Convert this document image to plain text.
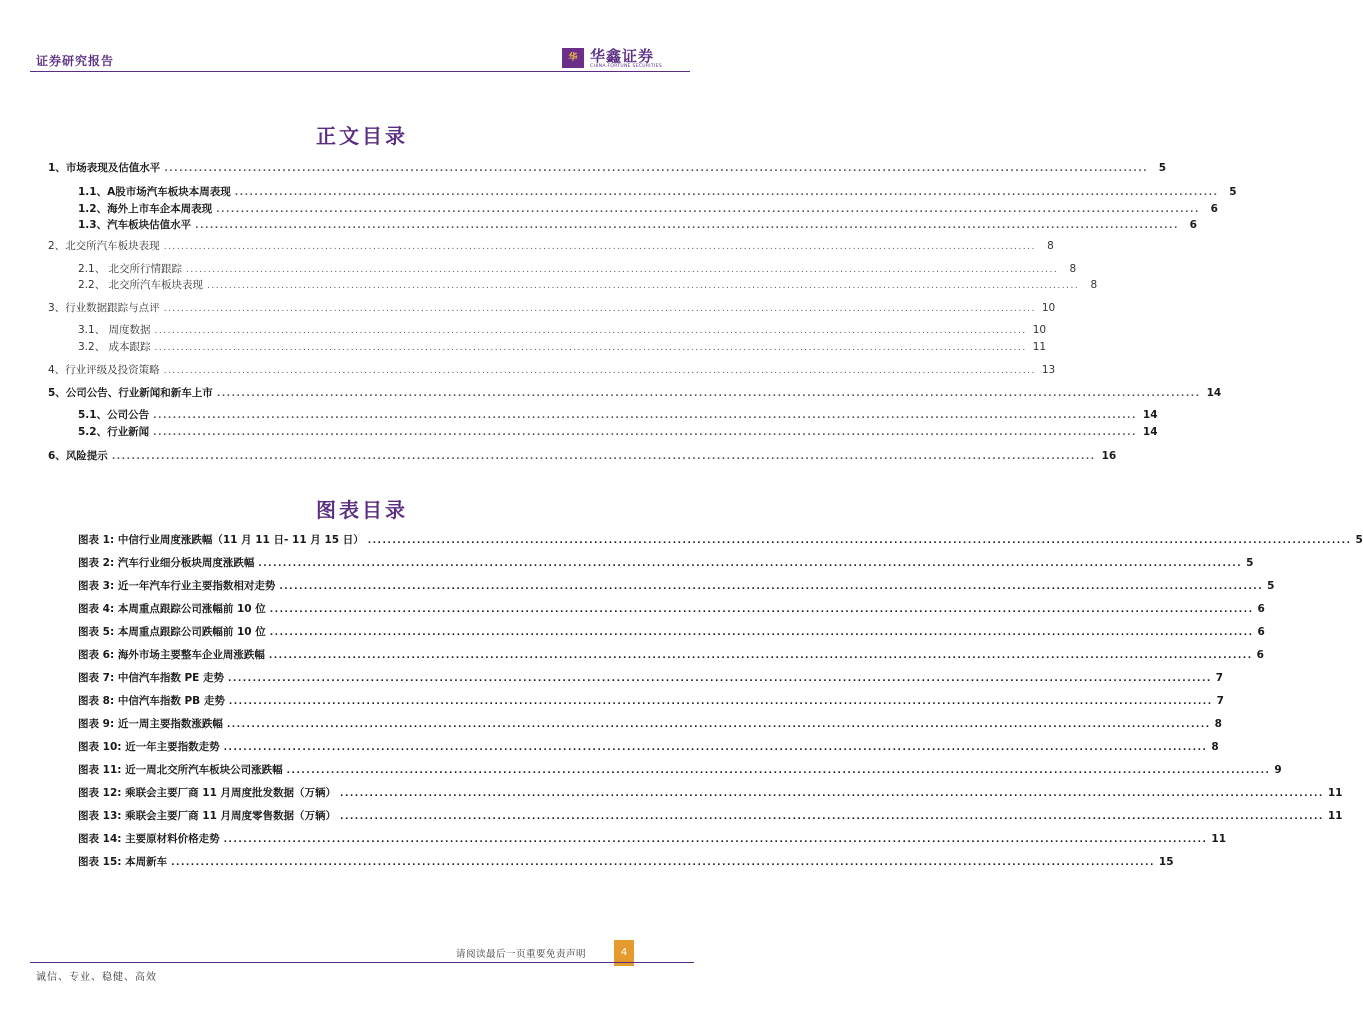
证券研究报告	华 华鑫证券
CHINA FORTUNE SECURITIES
正文目录
1、 市场表现及估值水平 ........................................................................................................................................................................................................	5
1.1、A股市场汽车板块本周表现 ........................................................................................................................................................................................................	5
1.2、海外上市车企本周表现 ........................................................................................................................................................................................................	6
1.3、汽车板块估值水平 ........................................................................................................................................................................................................	6
2、 北交所汽车板块表现 ........................................................................................................................................................................................................	8
2.1、 北交所行情跟踪 ........................................................................................................................................................................................................	8
2.2、 北交所汽车板块表现 ........................................................................................................................................................................................................	8
3、 行业数据跟踪与点评 ........................................................................................................................................................................................................ 10
3.1、 周度数据 ........................................................................................................................................................................................................ 10
3.2、 成本跟踪 ........................................................................................................................................................................................................ 11
4、 行业评级及投资策略 ........................................................................................................................................................................................................ 13
5、 公司公告、行业新闻和新车上市 ........................................................................................................................................................................................................ 14
5.1、公司公告 ........................................................................................................................................................................................................ 14
5.2、行业新闻 ........................................................................................................................................................................................................ 14
6、 风险提示 ........................................................................................................................................................................................................ 16
图表目录
图表 1: 中信行业周度涨跌幅（11 月 11 日- 11 月 15 日） ........................................................................................................................................................................................................ 5
图表 2: 汽车行业细分板块周度涨跌幅 ........................................................................................................................................................................................................ 5
图表 3: 近一年汽车行业主要指数相对走势 ........................................................................................................................................................................................................ 5
图表 4: 本周重点跟踪公司涨幅前 10 位 ........................................................................................................................................................................................................ 6
图表 5: 本周重点跟踪公司跌幅前 10 位 ........................................................................................................................................................................................................ 6
图表 6: 海外市场主要整车企业周涨跌幅 ........................................................................................................................................................................................................ 6
图表 7: 中信汽车指数 PE 走势 ........................................................................................................................................................................................................ 7
图表 8: 中信汽车指数 PB 走势 ........................................................................................................................................................................................................ 7
图表 9: 近一周主要指数涨跌幅 ........................................................................................................................................................................................................ 8
图表 10: 近一年主要指数走势 ........................................................................................................................................................................................................ 8
图表 11: 近一周北交所汽车板块公司涨跌幅 ........................................................................................................................................................................................................ 9
图表 12: 乘联会主要厂商 11 月周度批发数据（万辆） ........................................................................................................................................................................................................ 11
图表 13: 乘联会主要厂商 11 月周度零售数据（万辆） ........................................................................................................................................................................................................ 11
图表 14: 主要原材料价格走势 ........................................................................................................................................................................................................ 11
图表 15: 本周新车 ........................................................................................................................................................................................................ 15
请阅读最后一页重要免责声明	4
诚信、专业、稳健、高效
